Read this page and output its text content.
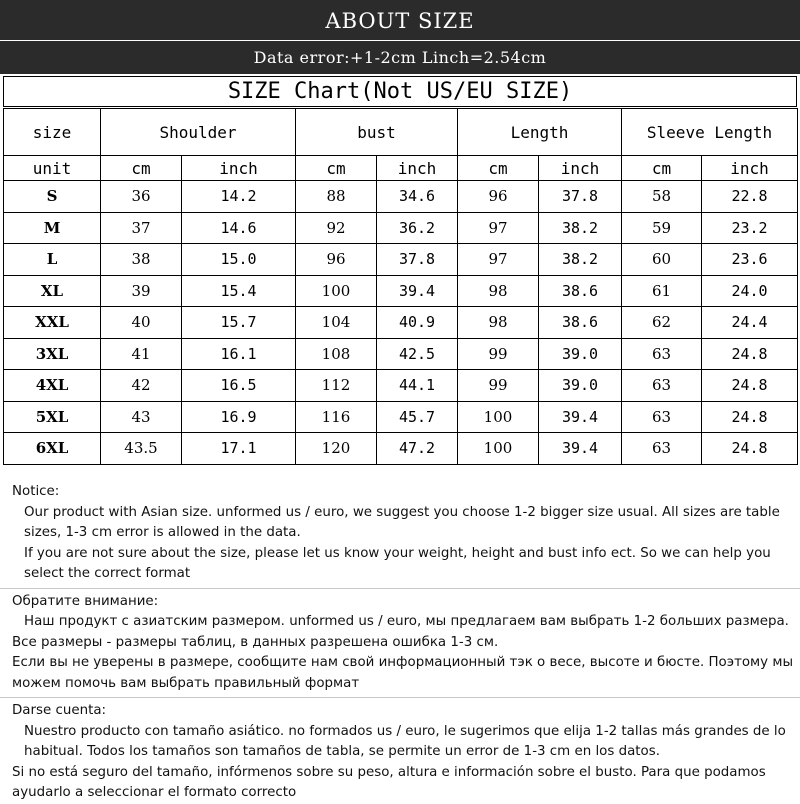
ABOUT SIZE
Data error:+1-2cm Linch=2.54cm
SIZE Chart(Not US/EU SIZE)
size	Shoulder		bust		Length		Sleeve Length	
unit	cm	inch	cm	inch	cm	inch	cm	inch
S	36	14.2	88	34.6	96	37.8	58	22.8
M	37	14.6	92	36.2	97	38.2	59	23.2
L	38	15.0	96	37.8	97	38.2	60	23.6
XL	39	15.4	100	39.4	98	38.6	61	24.0
XXL	40	15.7	104	40.9	98	38.6	62	24.4
3XL	41	16.1	108	42.5	99	39.0	63	24.8
4XL	42	16.5	112	44.1	99	39.0	63	24.8
5XL	43	16.9	116	45.7	100	39.4	63	24.8
6XL	43.5	17.1	120	47.2	100	39.4	63	24.8

Notice:

Our product with Asian size. unformed us / euro, we suggest you choose 1-2 bigger size usual. All sizes are table sizes, 1-3 cm error is allowed in the data.

If you are not sure about the size, please let us know your weight, height and bust info ect. So we can help you select the correct format

Обратите внимание:

Наш продукт с азиатским размером. unformed us / euro, мы предлагаем вам выбрать 1-2 больших размера.

Все размеры - размеры таблиц, в данных разрешена ошибка 1-3 см.

Если вы не уверены в размере, сообщите нам свой информационный тэк о весе, высоте и бюсте. Поэтому мы можем помочь вам выбрать правильный формат

Darse cuenta:

Nuestro producto con tamaño asiático. no formados us / euro, le sugerimos que elija 1-2 tallas más grandes de lo habitual. Todos los tamaños son tamaños de tabla, se permite un error de 1-3 cm en los datos.

Si no está seguro del tamaño, infórmenos sobre su peso, altura e información sobre el busto. Para que podamos ayudarlo a seleccionar el formato correcto
